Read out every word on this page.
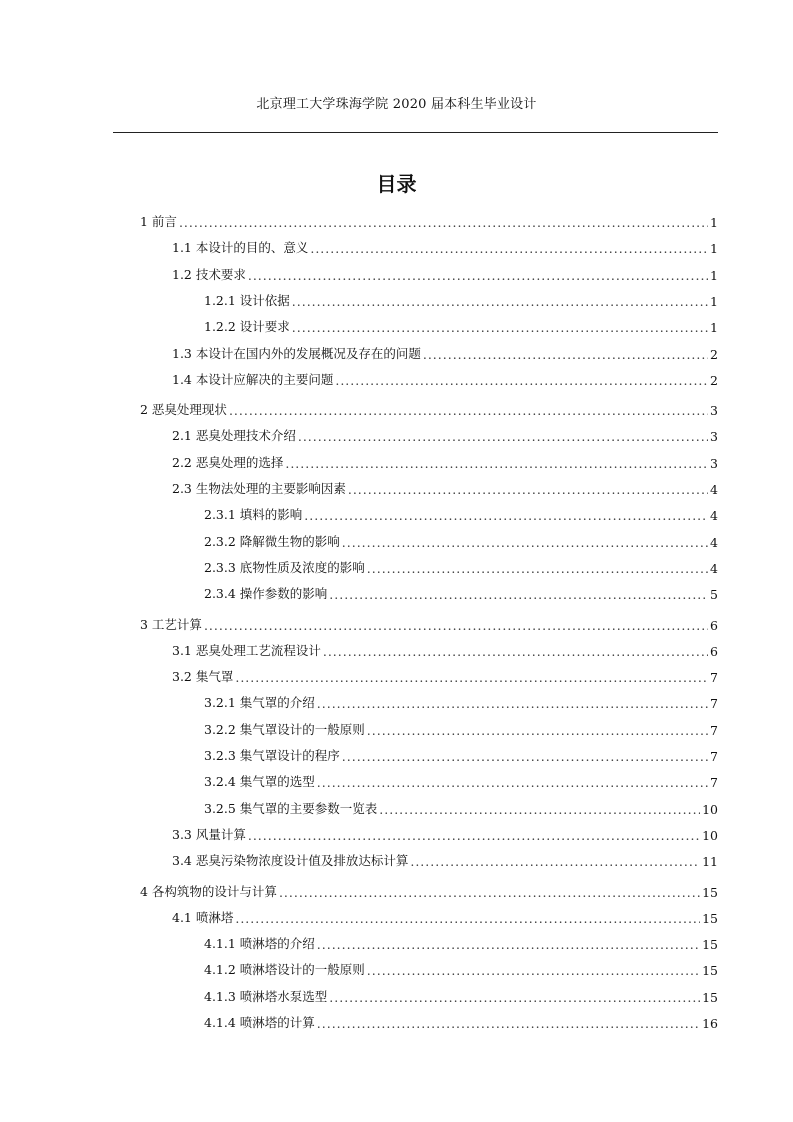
北京理工大学珠海学院 2020 届本科生毕业设计
目录
1 前言 .....	1
1.1 本设计的目的、意义 .....	1
1.2 技术要求 .....	1
1.2.1 设计依据 .....	1
1.2.2 设计要求 .....	1
1.3 本设计在国内外的发展概况及存在的问题 .....	2
1.4 本设计应解决的主要问题 .....	2
2 恶臭处理现状 .....	3
2.1 恶臭处理技术介绍 .....	3
2.2 恶臭处理的选择 .....	3
2.3 生物法处理的主要影响因素 .....	4
2.3.1 填料的影响 .....	4
2.3.2 降解微生物的影响 .....	4
2.3.3 底物性质及浓度的影响 .....	4
2.3.4 操作参数的影响 .....	5
3 工艺计算 .....	6
3.1 恶臭处理工艺流程设计 .....	6
3.2 集气罩 .....	7
3.2.1 集气罩的介绍 .....	7
3.2.2 集气罩设计的一般原则 .....	7
3.2.3 集气罩设计的程序 .....	7
3.2.4 集气罩的选型 .....	7
3.2.5 集气罩的主要参数一览表 .....	10
3.3 风量计算 .....	10
3.4 恶臭污染物浓度设计值及排放达标计算 .....	11
4 各构筑物的设计与计算 .....	15
4.1 喷淋塔 .....	15
4.1.1 喷淋塔的介绍 .....	15
4.1.2 喷淋塔设计的一般原则 .....	15
4.1.3 喷淋塔水泵选型 .....	15
4.1.4 喷淋塔的计算 .....	16
